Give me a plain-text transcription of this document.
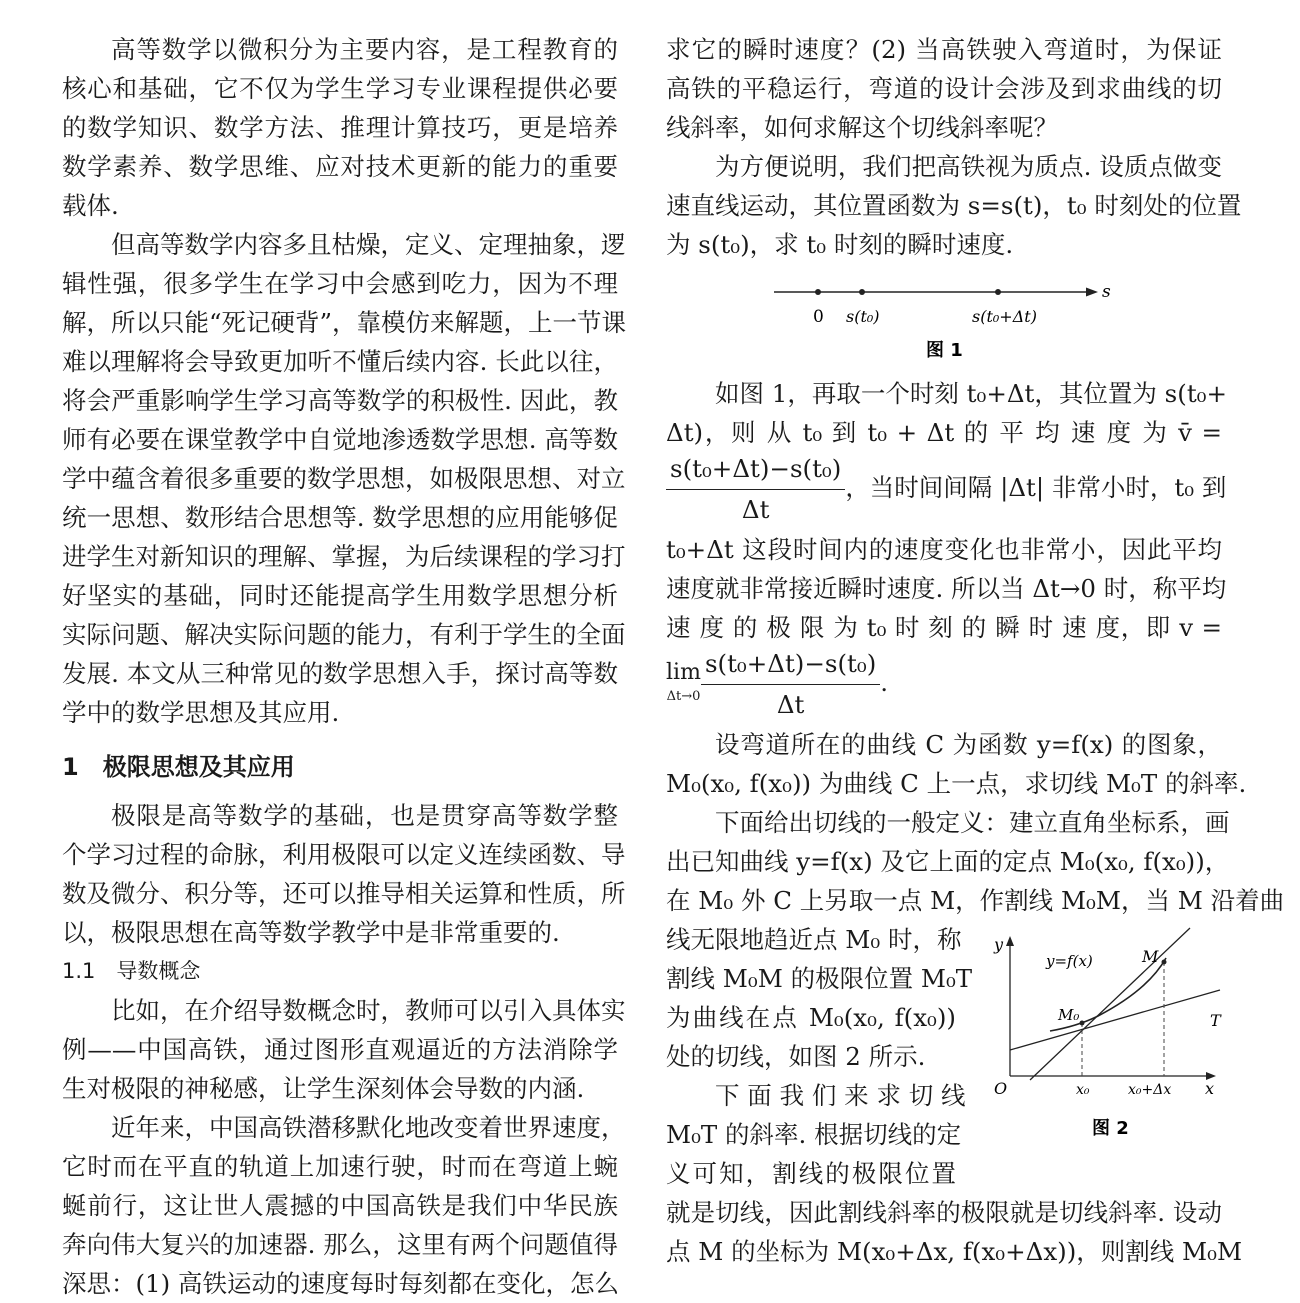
高等数学以微积分为主要内容，是工程教育的
核心和基础，它不仅为学生学习专业课程提供必要
的数学知识、数学方法、推理计算技巧，更是培养
数学素养、数学思维、应对技术更新的能力的重要
载体.
但高等数学内容多且枯燥，定义、定理抽象，逻
辑性强，很多学生在学习中会感到吃力，因为不理
解，所以只能“死记硬背”，靠模仿来解题，上一节课
难以理解将会导致更加听不懂后续内容. 长此以往，
将会严重影响学生学习高等数学的积极性. 因此，教
师有必要在课堂教学中自觉地渗透数学思想. 高等数
学中蕴含着很多重要的数学思想，如极限思想、对立
统一思想、数形结合思想等. 数学思想的应用能够促
进学生对新知识的理解、掌握，为后续课程的学习打
好坚实的基础，同时还能提高学生用数学思想分析
实际问题、解决实际问题的能力，有利于学生的全面
发展. 本文从三种常见的数学思想入手，探讨高等数
学中的数学思想及其应用.
1　极限思想及其应用
极限是高等数学的基础，也是贯穿高等数学整
个学习过程的命脉，利用极限可以定义连续函数、导
数及微分、积分等，还可以推导相关运算和性质，所
以，极限思想在高等数学教学中是非常重要的.
1.1　导数概念
比如，在介绍导数概念时，教师可以引入具体实
例——中国高铁，通过图形直观逼近的方法消除学
生对极限的神秘感，让学生深刻体会导数的内涵.
近年来，中国高铁潜移默化地改变着世界速度，
它时而在平直的轨道上加速行驶，时而在弯道上蜿
蜒前行，这让世人震撼的中国高铁是我们中华民族
奔向伟大复兴的加速器. 那么，这里有两个问题值得
深思：(1) 高铁运动的速度每时每刻都在变化，怎么
求它的瞬时速度？(2) 当高铁驶入弯道时，为保证
高铁的平稳运行，弯道的设计会涉及到求曲线的切
线斜率，如何求解这个切线斜率呢？
为方便说明，我们把高铁视为质点. 设质点做变
速直线运动，其位置函数为 s=s(t)，t₀ 时刻处的位置
为 s(t₀)，求 t₀ 时刻的瞬时速度.
0 s(t₀)	s(t₀+Δt)
s
图 1
如图 1，再取一个时刻 t₀+Δt，其位置为 s(t₀+
Δt)，则 从 t₀ 到 t₀ + Δt 的 平 均 速 度 为 v̄ =
$\frac{\text{s(t₀+Δt)−s(t₀)}}{\Delta t}$ ，当时间间隔 |Δt| 非常小时，t₀ 到
t₀+Δt 这段时间内的速度变化也非常小，因此平均
速度就非常接近瞬时速度. 所以当 Δt→0 时，称平均
速 度 的 极 限 为 t₀ 时 刻 的 瞬 时 速 度，即 v =
lim
$\Delta t\to 0 \frac{\text{s(t₀+Δt)−s(t₀)}}{\Delta t}$ .
设弯道所在的曲线 C 为函数 y=f(x) 的图象，
M₀(x₀, f(x₀)) 为曲线 C 上一点，求切线 M₀T 的斜率.
下面给出切线的一般定义：建立直角坐标系，画
出已知曲线 y=f(x) 及它上面的定点 M₀(x₀, f(x₀))，
在 M₀ 外 C 上另取一点 M，作割线 M₀M，当 M 沿着曲
线无限地趋近点 M₀ 时，称
割线 M₀M 的极限位置 M₀T
为曲线在点 M₀(x₀, f(x₀))
处的切线，如图 2 所示.
下 面 我 们 来 求 切 线
M₀T 的斜率. 根据切线的定
义可知，割线的极限位置
y
x
O
y=f(x)	M
M₀	T
x₀	x₀+Δx
图 2
就是切线，因此割线斜率的极限就是切线斜率. 设动
点 M 的坐标为 M(x₀+Δx, f(x₀+Δx))，则割线 M₀M
